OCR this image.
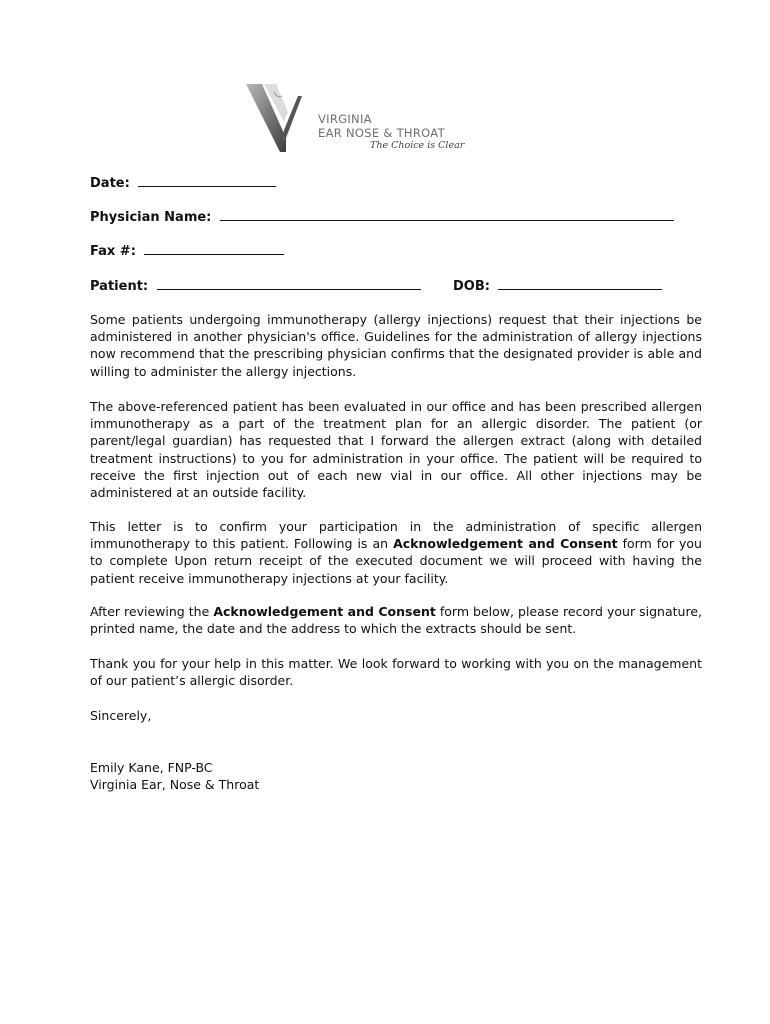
VIRGINIA
EAR NOSE & THROAT
The Choice is Clear
Date:
Physician Name:
Fax #:
Patient:	DOB:
Some patients undergoing immunotherapy (allergy injections) request that their injections be administered in another physician's office. Guidelines for the administration of allergy injections now recommend that the prescribing physician confirms that the designated provider is able and willing to administer the allergy injections.
The above-referenced patient has been evaluated in our office and has been prescribed allergen immunotherapy as a part of the treatment plan for an allergic disorder. The patient (or parent/legal guardian) has requested that I forward the allergen extract (along with detailed treatment instructions) to you for administration in your office. The patient will be required to receive the first injection out of each new vial in our office. All other injections may be administered at an outside facility.
This letter is to confirm your participation in the administration of specific allergen immunotherapy to this patient. Following is an Acknowledgement and Consent form for you to complete Upon return receipt of the executed document we will proceed with having the patient receive immunotherapy injections at your facility.
After reviewing the Acknowledgement and Consent form below, please record your signature, printed name, the date and the address to which the extracts should be sent.
Thank you for your help in this matter. We look forward to working with you on the management of our patient’s allergic disorder.
Sincerely,
Emily Kane, FNP-BC
Virginia Ear, Nose & Throat
